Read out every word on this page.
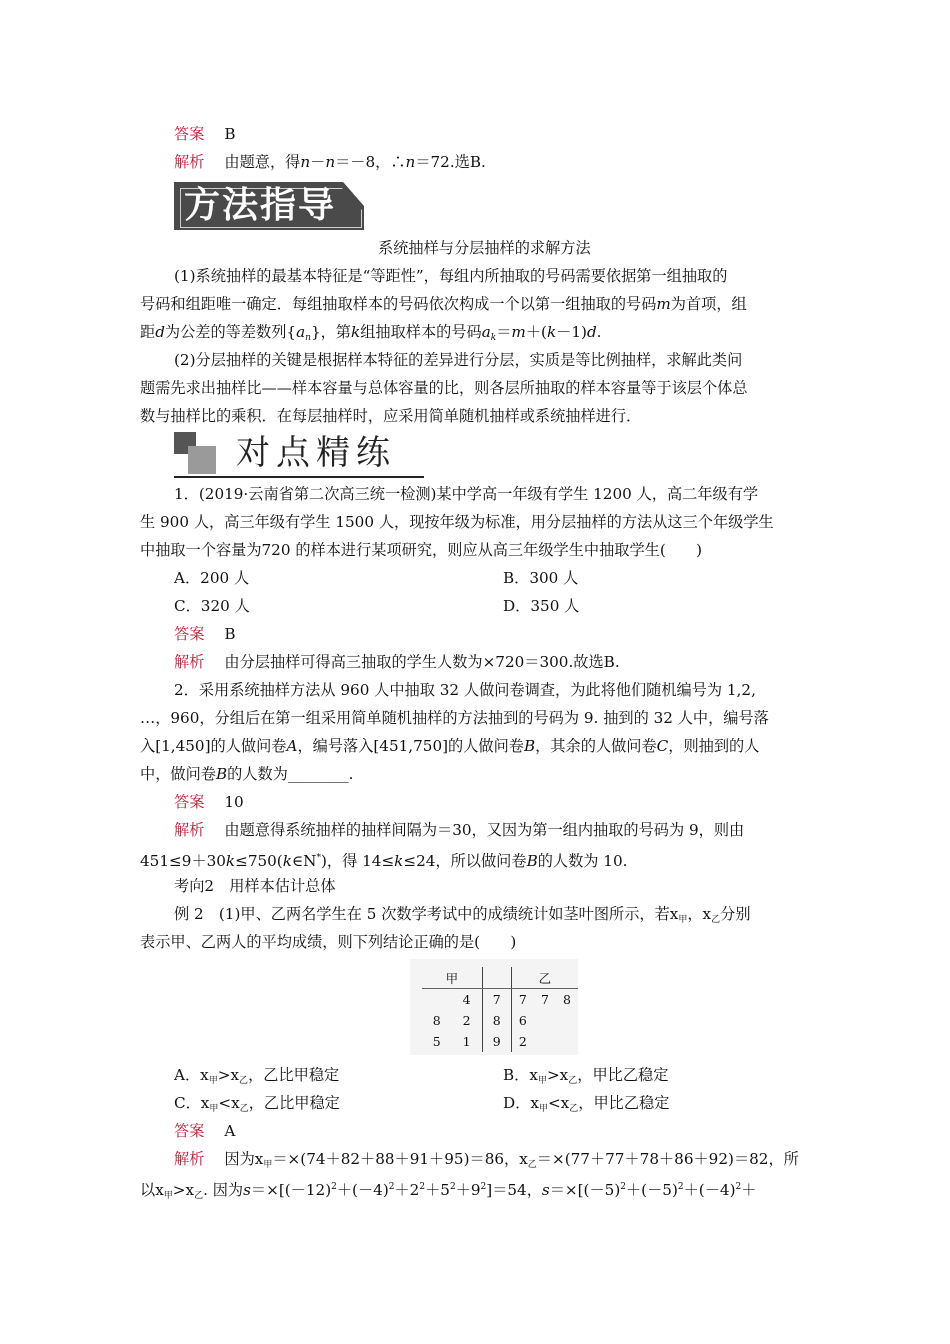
答案　 B
解析　 由题意，得n－n＝－8，∴n＝72.选B.
方法指导
系统抽样与分层抽样的求解方法
(1)系统抽样的最基本特征是“等距性”，每组内所抽取的号码需要依据第一组抽取的
号码和组距唯一确定．每组抽取样本的号码依次构成一个以第一组抽取的号码m为首项，组
距d为公差的等差数列$\{a_n\}$，第k组抽取样本的号码$a_k=m+(k-1)d$.
(2)分层抽样的关键是根据样本特征的差异进行分层，实质是等比例抽样，求解此类问
题需先求出抽样比——样本容量与总体容量的比，则各层所抽取的样本容量等于该层个体总
数与抽样比的乘积．在每层抽样时，应采用简单随机抽样或系统抽样进行．
对点精练
1．(2019·云南省第二次高三统一检测)某中学高一年级有学生 1200 人，高二年级有学
生 900 人，高三年级有学生 1500 人，现按年级为标准，用分层抽样的方法从这三个年级学生
中抽取一个容量为720 的样本进行某项研究，则应从高三年级学生中抽取学生(　　)
A．200 人	B．300 人
C．320 人	D．350 人
答案　 B
解析　 由分层抽样可得高三抽取的学生人数为×720＝300.故选B.
2．采用系统抽样方法从 960 人中抽取 32 人做问卷调查，为此将他们随机编号为 1,2,
…，960，分组后在第一组采用简单随机抽样的方法抽到的号码为 9. 抽到的 32 人中，编号落
入[1,450]的人做问卷A，编号落入[451,750]的人做问卷B，其余的人做问卷C，则抽到的人
中，做问卷B的人数为________.
答案　 10
解析　 由题意得系统抽样的抽样间隔为＝30，又因为第一组内抽取的号码为 9，则由
451≤9＋30k≤750(k∈N*)，得 14≤k≤24，所以做问卷B的人数为 10.
考向2　用样本估计总体
例 2　(1)甲、乙两名学生在 5 次数学考试中的成绩统计如茎叶图所示，若$x_甲$，$x_乙$分别
表示甲、乙两人的平均成绩，则下列结论正确的是(　　)
甲			乙		
	4	7	7	7	8
8	2	8	6		
5	1	9	2		
A．$x_甲>x_乙$，乙比甲稳定	B．$x_甲>x_乙$，甲比乙稳定
C．$x_甲<x_乙$，乙比甲稳定	D．$x_甲<x_乙$，甲比乙稳定
答案　 A
解析　 因为$x_甲=\times(74+82+88+91+95)=86$，$x_乙=\times(77+77+78+86+92)=82$，所
以$x_甲>x_乙$. 因为$s=\times[(-12)^2+(-4)^2+2^2+5^2+9^2]=54$，$s=\times[(-5)^2+(-5)^2+(-4)^2+$
